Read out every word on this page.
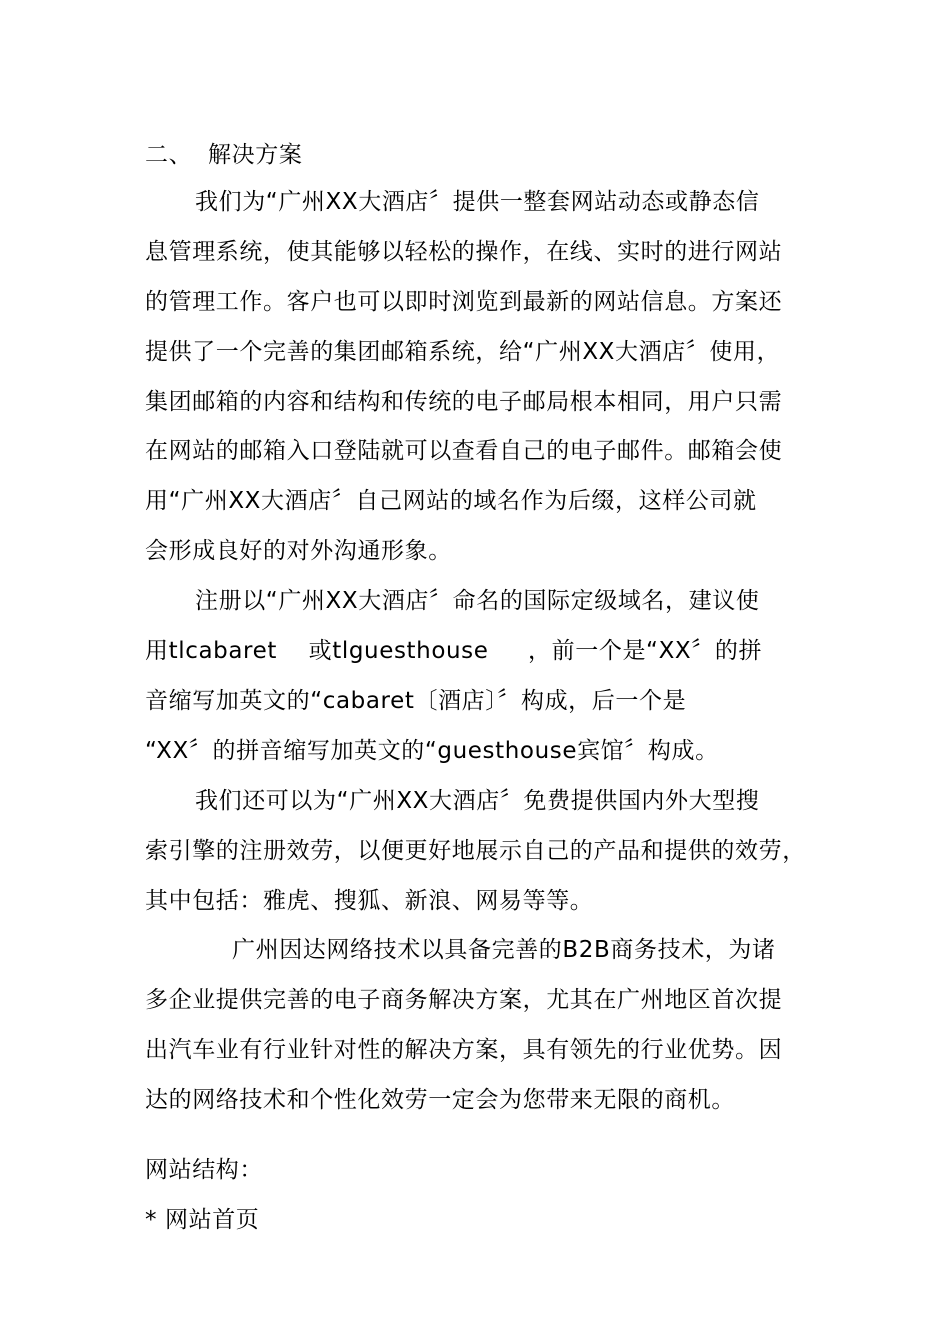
二、  解决方案
我们为“广州XX大酒店〞提供一整套网站动态或静态信
息管理系统，使其能够以轻松的操作，在线、实时的进行网站
的管理工作。客户也可以即时浏览到最新的网站信息。方案还
提供了一个完善的集团邮箱系统，给“广州XX大酒店〞使用，
集团邮箱的内容和结构和传统的电子邮局根本相同，用户只需
在网站的邮箱入口登陆就可以查看自己的电子邮件。邮箱会使
用“广州XX大酒店〞自己网站的域名作为后缀，这样公司就
会形成良好的对外沟通形象。
注册以“广州XX大酒店〞命名的国际定级域名，建议使
用tlcabaret    或tlguesthouse     ，前一个是“XX〞的拼
音缩写加英文的“cabaret〔酒店〕〞构成，后一个是
“XX〞的拼音缩写加英文的“guesthouse宾馆〞构成。
我们还可以为“广州XX大酒店〞免费提供国内外大型搜
索引擎的注册效劳，以便更好地展示自己的产品和提供的效劳，
其中包括：雅虎、搜狐、新浪、网易等等。
广州因达网络技术以具备完善的B2B商务技术，为诸
多企业提供完善的电子商务解决方案，尤其在广州地区首次提
出汽车业有行业针对性的解决方案，具有领先的行业优势。因
达的网络技术和个性化效劳一定会为您带来无限的商机。
网站结构：
* 网站首页
